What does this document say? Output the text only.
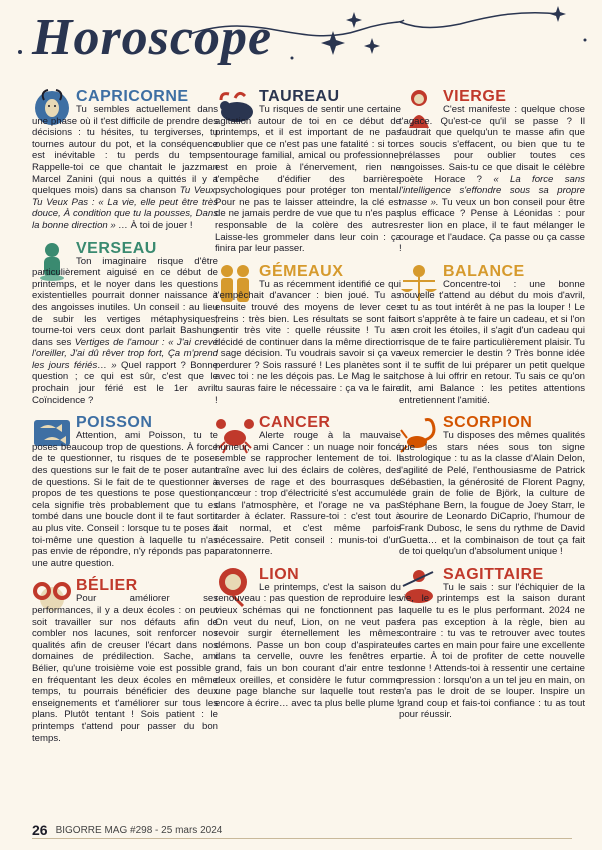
Horoscope
CAPRICORNE

Tu sembles actuellement dans une phase où il t'est difficile de prendre des décisions : tu hésites, tu tergiverses, tu tournes autour du pot, et la conséquence est inévitable : tu perds du temps. Rappelle-toi ce que chantait le jazzman Marcel Zanini (qui nous a quittés il y a quelques mois) dans sa chanson Tu Veux, Tu Veux Pas : « La vie, elle peut être très douce, À condition que tu la pousses, Dans la bonne direction » … À toi de jouer !

VERSEAU

Ton imaginaire risque d'être particulièrement aiguisé en ce début de printemps, et le noyer dans les questions existentielles pourrait donner naissance à des angoisses inutiles. Un conseil : au lieu de subir les vertiges métaphysiques, tourne-toi vers ceux dont parlait Bashung dans ses Vertiges de l'amour : « J'ai crevé l'oreiller, J'ai dû rêver trop fort, Ça m'prend les jours fériés… » Quel rapport ? Bonne question ; ce qui est sûr, c'est que le prochain jour férié est le 1er avril. Coïncidence ?

POISSON

Attention, ami Poisson, tu te poses beaucoup trop de questions. À force de te questionner, tu risques de te poser des questions sur le fait de te poser autant de questions. Si le fait de te questionner à propos de tes questions te pose question, cela signifie très probablement que tu es tombé dans une boucle dont il te faut sortir au plus vite. Conseil : lorsque tu te poses à toi-même une question à laquelle tu n'as pas envie de répondre, n'y réponds pas par une autre question.

BÉLIER

Pour améliorer ses performances, il y a deux écoles : on peut soit travailler sur nos défauts afin de combler nos lacunes, soit renforcer nos qualités afin de creuser l'écart dans nos domaines de prédilection. Sache, ami Bélier, qu'une troisième voie est possible : en fréquentant les deux écoles en même temps, tu pourrais bénéficier des deux enseignements et t'améliorer sur tous les plans. Plutôt tentant ! Sois patient : le printemps t'attend pour passer du bon temps.

TAUREAU

Tu risques de sentir une certaine agitation autour de toi en ce début de printemps, et il est important de ne pas oublier que ce n'est pas une fatalité : si ton entourage familial, amical ou professionnel est en proie à l'énervement, rien ne t'empêche d'édifier des barrières psychologiques pour protéger ton mental. Pour ne pas te laisser atteindre, la clé est de ne jamais perdre de vue que tu n'es pas responsable de la colère des autres. Laisse-les grommeler dans leur coin : ça finira par leur passer.

GÉMEAUX

Tu as récemment identifié ce qui t'empêchait d'avancer : bien joué. Tu as ensuite trouvé des moyens de lever ces freins : très bien. Les résultats se sont fait sentir très vite : quelle réussite ! Tu as décidé de continuer dans la même direction : sage décision. Tu voudrais savoir si ça va perdurer ? Sois rassuré ! Les planètes sont avec toi : ne les déçois pas. Le Mag le sait, tu sauras faire le nécessaire : ça va le faire !

CANCER

Alerte rouge à la mauvaise humeur, ami Cancer : un nuage noir foncé semble se rapprocher lentement de toi. Il traîne avec lui des éclairs de colères, des averses de rage et des bourrasques de rancœur : trop d'électricité s'est accumulée dans l'atmosphère, et l'orage ne va pas tarder à éclater. Rassure-toi : c'est tout à fait normal, et c'est même parfois nécessaire. Petit conseil : munis-toi d'un paratonnerre.

LION

Le printemps, c'est la saison du renouveau : pas question de reproduire les vieux schémas qui ne fonctionnent pas ! On veut du neuf, Lion, on ne veut pas revoir surgir éternellement les mêmes démons. Passe un bon coup d'aspirateur dans ta cervelle, ouvre les fenêtres en grand, fais un bon courant d'air entre tes deux oreilles, et considère le futur comme une page blanche sur laquelle tout reste encore à écrire… avec ta plus belle plume !

VIERGE

C'est manifeste : quelque chose t'agace. Qu'est-ce qu'il se passe ? Il faudrait que quelqu'un te masse afin que ces soucis s'effacent, ou bien que tu te prélasses pour oublier toutes ces angoisses. Sais-tu ce que disait le célèbre poète Horace ? « La force sans l'intelligence s'effondre sous sa propre masse ». Tu veux un bon conseil pour être plus efficace ? Pense à Léonidas : pour rester lion en place, il te faut mélanger le courage et l'audace. Ça passe ou ça casse !

BALANCE

Concentre-toi : une bonne nouvelle t'attend au début du mois d'avril, et tu as tout intérêt à ne pas la louper ! Le sort s'apprête à te faire un cadeau, et si l'on en croit les étoiles, il s'agit d'un cadeau qui risque de te faire particulièrement plaisir. Tu veux remercier le destin ? Très bonne idée : il te suffit de lui préparer un petit quelque chose à lui offrir en retour. Tu sais ce qu'on dit, ami Balance : les petites attentions entretiennent l'amitié.

SCORPION

Tu disposes des mêmes qualités que les stars nées sous ton signe astrologique : tu as la classe d'Alain Delon, l'agilité de Pelé, l'enthousiasme de Patrick Sébastien, la générosité de Florent Pagny, le grain de folie de Björk, la culture de Stéphane Bern, la fougue de Joey Starr, le sourire de Leonardo DiCaprio, l'humour de Frank Dubosc, le sens du rythme de David Guetta… et la combinaison de tout ça fait de toi quelqu'un d'absolument unique !

SAGITTAIRE

Tu le sais : sur l'échiquier de la vie, le printemps est la saison durant laquelle tu es le plus performant. 2024 ne fera pas exception à la règle, bien au contraire : tu vas te retrouver avec toutes les cartes en main pour faire une excellente partie. À toi de profiter de cette nouvelle donne ! Attends-toi à ressentir une certaine pression : lorsqu'on a un tel jeu en main, on n'a pas le droit de se louper. Inspire un grand coup et fais-toi confiance : tu as tout pour réussir.

26 BIGORRE MAG #298 - 25 mars 2024
